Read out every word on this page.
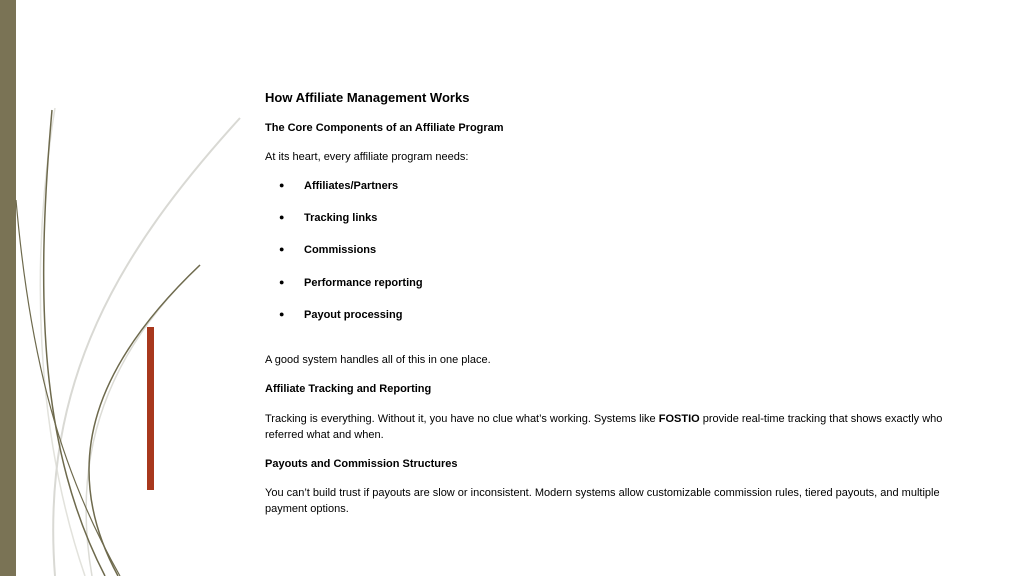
How Affiliate Management Works
The Core Components of an Affiliate Program

At its heart, every affiliate program needs:

● Affiliates/Partners
● Tracking links
● Commissions
● Performance reporting
● Payout processing

A good system handles all of this in one place.

Affiliate Tracking and Reporting

Tracking is everything. Without it, you have no clue what’s working. Systems like FOSTIO provide real-time tracking that shows exactly who referred what and when.

Payouts and Commission Structures

You can’t build trust if payouts are slow or inconsistent. Modern systems allow customizable commission rules, tiered payouts, and multiple payment options.
